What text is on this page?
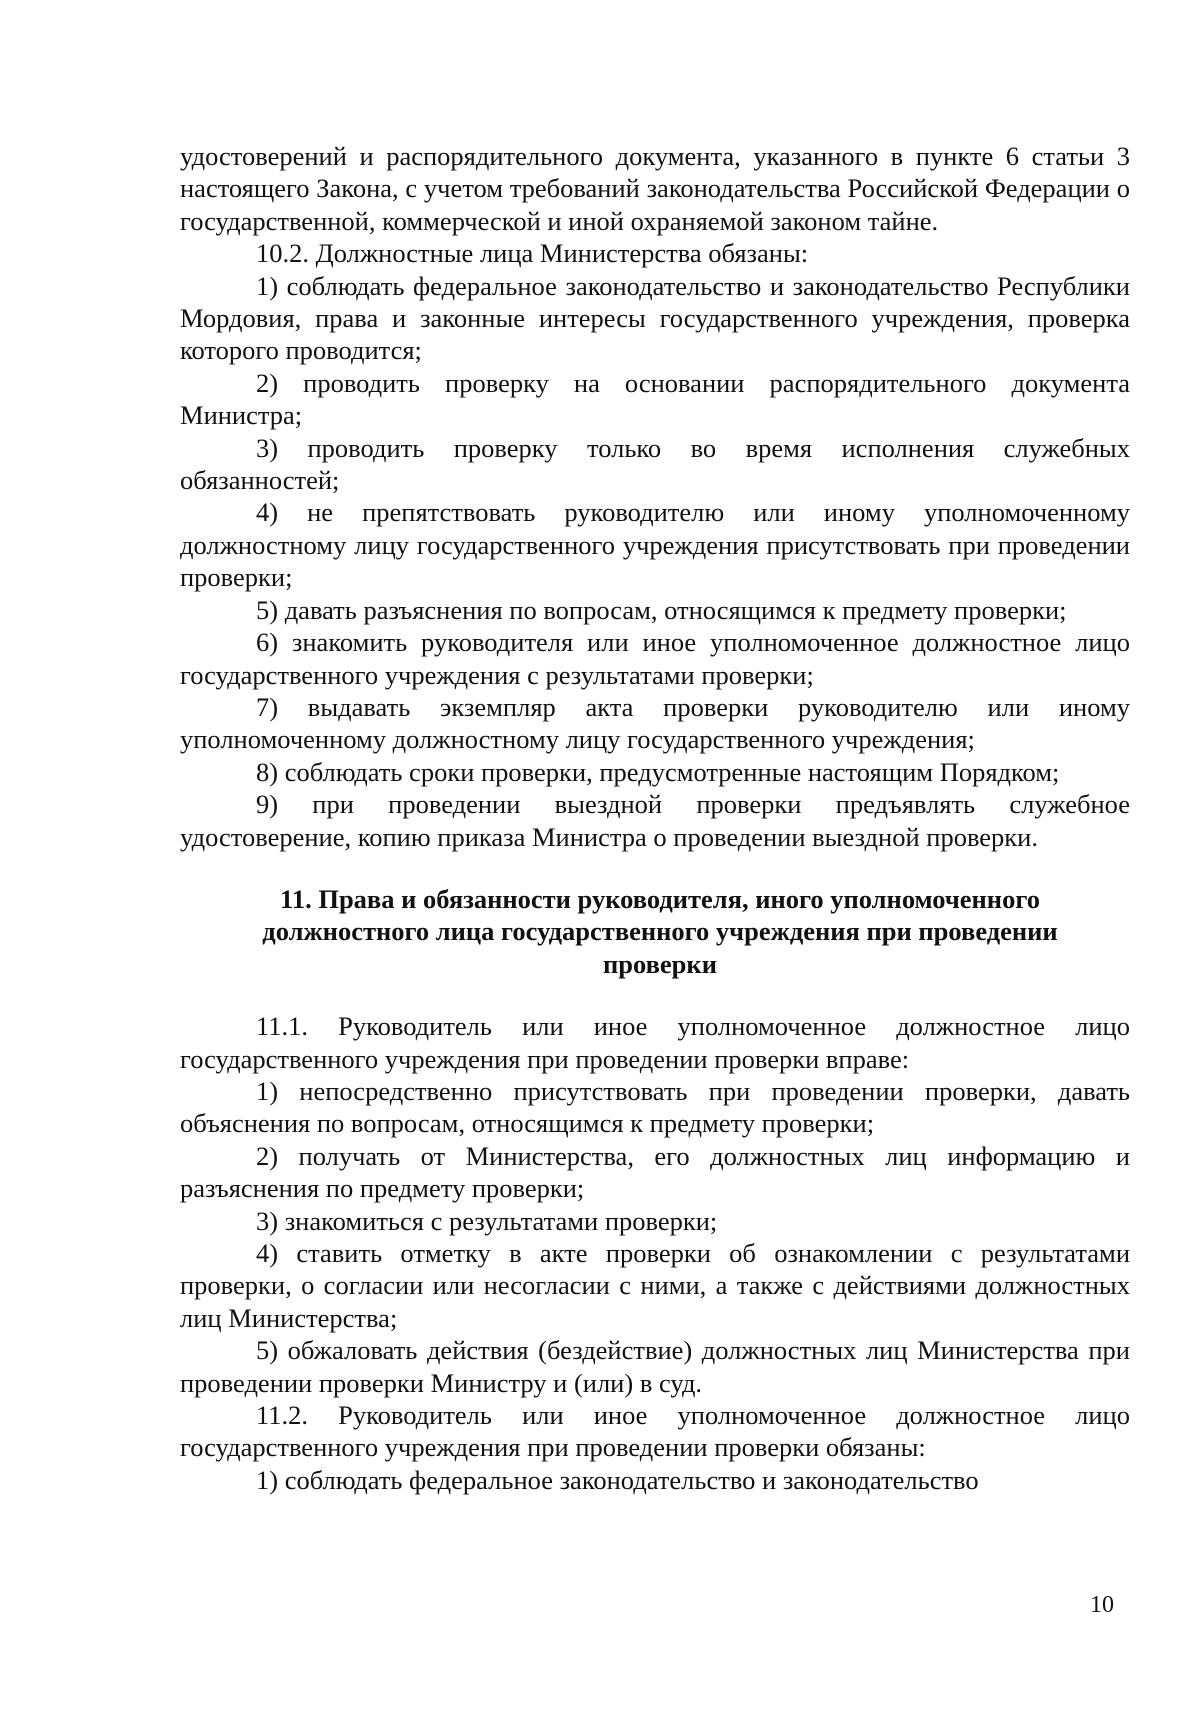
удостоверений и распорядительного документа, указанного в пункте 6 статьи 3 настоящего Закона, с учетом требований законодательства Российской Федерации о государственной, коммерческой и иной охраняемой законом тайне.

10.2. Должностные лица Министерства обязаны:

1) соблюдать федеральное законодательство и законодательство Республики Мордовия, права и законные интересы государственного учреждения, проверка которого проводится;

2) проводить проверку на основании распорядительного документа Министра;

3) проводить проверку только во время исполнения служебных обязанностей;

4) не препятствовать руководителю или иному уполномоченному должностному лицу государственного учреждения присутствовать при проведении проверки;

5) давать разъяснения по вопросам, относящимся к предмету проверки;

6) знакомить руководителя или иное уполномоченное должностное лицо государственного учреждения с результатами проверки;

7) выдавать экземпляр акта проверки руководителю или иному уполномоченному должностному лицу государственного учреждения;

8) соблюдать сроки проверки, предусмотренные настоящим Порядком;

9) при проведении выездной проверки предъявлять служебное удостоверение, копию приказа Министра о проведении выездной проверки.

11. Права и обязанности руководителя, иного уполномоченного
должностного лица государственного учреждения при проведении
проверки

11.1. Руководитель или иное уполномоченное должностное лицо государственного учреждения при проведении проверки вправе:

1) непосредственно присутствовать при проведении проверки, давать объяснения по вопросам, относящимся к предмету проверки;

2) получать от Министерства, его должностных лиц информацию и разъяснения по предмету проверки;

3) знакомиться с результатами проверки;

4) ставить отметку в акте проверки об ознакомлении с результатами проверки, о согласии или несогласии с ними, а также с действиями должностных лиц Министерства;

5) обжаловать действия (бездействие) должностных лиц Министерства при проведении проверки Министру и (или) в суд.

11.2. Руководитель или иное уполномоченное должностное лицо государственного учреждения при проведении проверки обязаны:

1) соблюдать федеральное законодательство и законодательство

10
